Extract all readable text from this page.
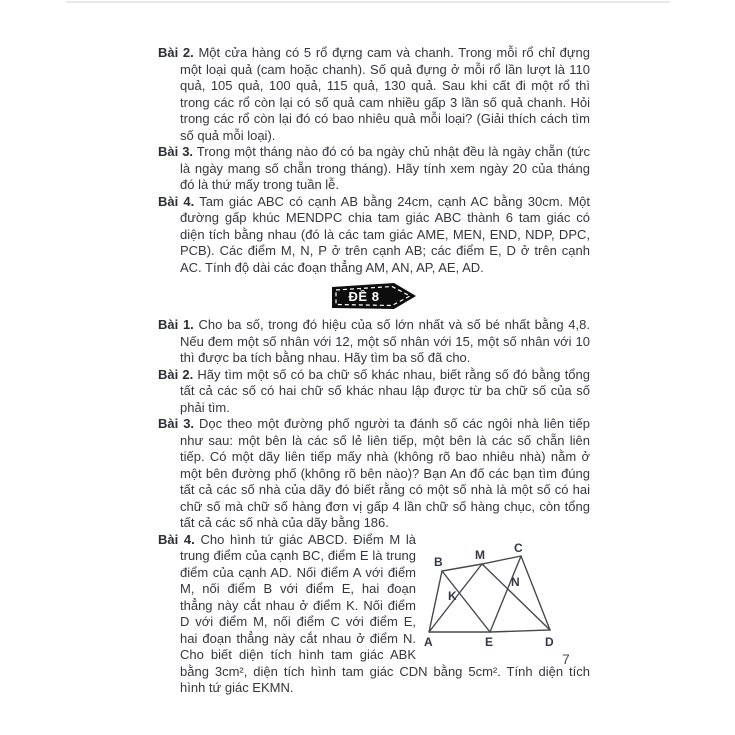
Bài 2. Một cửa hàng có 5 rổ đựng cam và chanh. Trong mỗi rổ chỉ đựng một loại quả (cam hoặc chanh). Số quả đựng ở mỗi rổ lần lượt là 110 quả, 105 quả, 100 quả, 115 quả, 130 quả. Sau khi cất đi một rổ thì trong các rổ còn lại có số quả cam nhiều gấp 3 lần số quả chanh. Hỏi trong các rổ còn lại đó có bao nhiêu quả mỗi loại? (Giải thích cách tìm số quả mỗi loại).

Bài 3. Trong một tháng nào đó có ba ngày chủ nhật đều là ngày chẵn (tức là ngày mang số chẵn trong tháng). Hãy tính xem ngày 20 của tháng đó là thứ mấy trong tuần lễ.

Bài 4. Tam giác ABC có cạnh AB bằng 24cm, cạnh AC bằng 30cm. Một đường gấp khúc MENDPC chia tam giác ABC thành 6 tam giác có diện tích bằng nhau (đó là các tam giác AME, MEN, END, NDP, DPC, PCB). Các điểm M, N, P ở trên cạnh AB; các điểm E, D ở trên cạnh AC. Tính độ dài các đoạn thẳng AM, AN, AP, AE, AD.

ĐỀ 8

Bài 1. Cho ba số, trong đó hiệu của số lớn nhất và số bé nhất bằng 4,8. Nếu đem một số nhân với 12, một số nhân với 15, một số nhân với 10 thì được ba tích bằng nhau. Hãy tìm ba số đã cho.

Bài 2. Hãy tìm một số có ba chữ số khác nhau, biết rằng số đó bằng tổng tất cả các số có hai chữ số khác nhau lập được từ ba chữ số của số phải tìm.

Bài 3. Dọc theo một đường phố người ta đánh số các ngôi nhà liên tiếp như sau: một bên là các số lẻ liên tiếp, một bên là các số chẵn liên tiếp. Có một dãy liên tiếp mấy nhà (không rõ bao nhiêu nhà) nằm ở một bên đường phố (không rõ bên nào)? Bạn An đố các bạn tìm đúng tất cả các số nhà của dãy đó biết rằng có một số nhà là một số có hai chữ số mà chữ số hàng đơn vị gấp 4 lần chữ số hàng chục, còn tổng tất cả các số nhà của dãy bằng 186.

A
B
C
D
E
M
K
N
Bài 4. Cho hình tứ giác ABCD. Điểm M là trung điểm của cạnh BC, điểm E là trung điểm của cạnh AD. Nối điểm A với điểm M, nối điểm B với điểm E, hai đoạn thẳng này cắt nhau ở điểm K. Nối điểm D với điểm M, nối điểm C với điểm E, hai đoạn thẳng này cắt nhau ở điểm N. Cho biết diện tích hình tam giác ABK bằng 3cm², diện tích hình tam giác CDN bằng 5cm². Tính diện tích hình tứ giác EKMN.

7
